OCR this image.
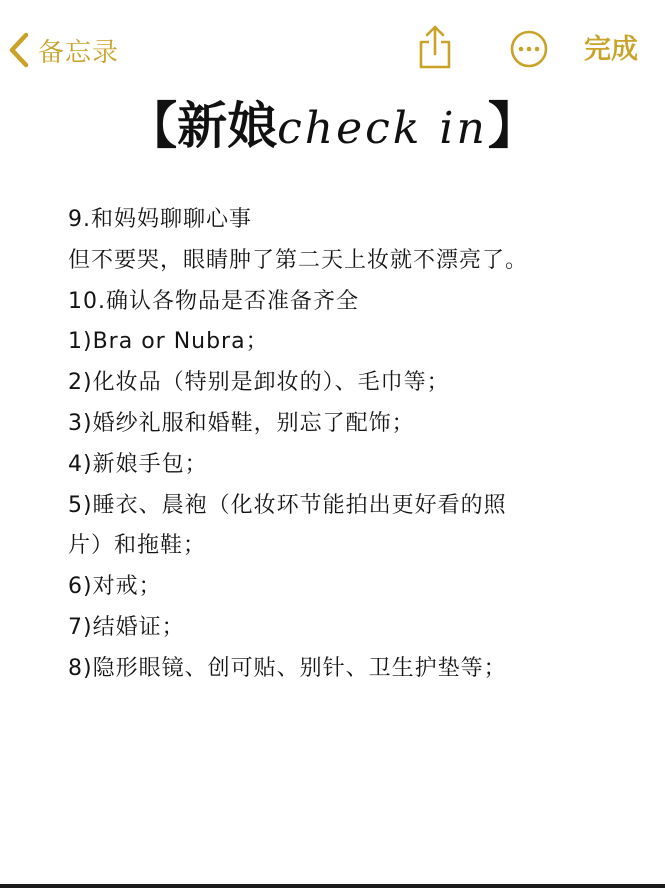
备忘录	完成
【新娘check in】
9.和妈妈聊聊心事
但不要哭，眼睛肿了第二天上妆就不漂亮了。
10.确认各物品是否准备齐全
1)Bra or Nubra；
2)化妆品（特别是卸妆的）、毛巾等；
3)婚纱礼服和婚鞋，别忘了配饰；
4)新娘手包；
5)睡衣、晨袍（化妆环节能拍出更好看的照
片）和拖鞋；
6)对戒；
7)结婚证；
8)隐形眼镜、创可贴、别针、卫生护垫等；
